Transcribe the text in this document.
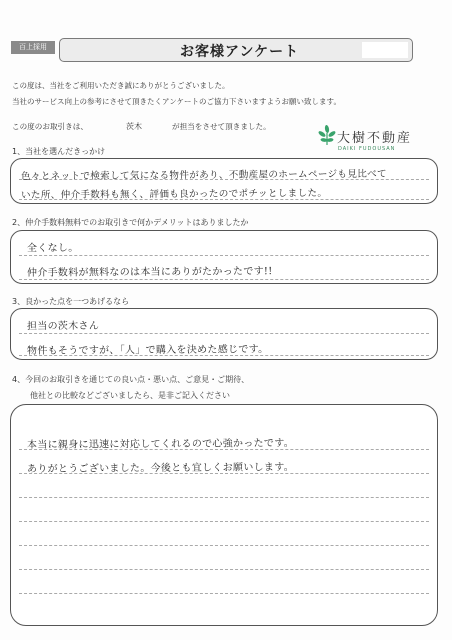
百上採用	お客様アンケート
この度は、当社をご利用いただき誠にありがとうございました。
当社のサービス向上の参考にさせて頂きたくアンケートのご協力下さいますようお願い致します。
この度のお取引きは、	茨木	が担当をさせて頂きました。
大樹不動産
DAIKI FUDOUSAN
1、当社を選んだきっかけ
色々とネットで検索して気になる物件があり、不動産屋のホームページも見比べて
いた所、仲介手数料も無く、評価も良かったのでポチッとしました。
2、仲介手数料無料でのお取引きで何かデメリットはありましたか
全くなし。
仲介手数料が無料なのは本当にありがたかったです!!
3、良かった点を一つあげるなら
担当の茨木さん
物件もそうですが、「人」で購入を決めた感じです。
4、今回のお取引きを通じての良い点・悪い点、ご意見・ご期待、
他社との比較などございましたら、是非ご記入ください
本当に親身に迅速に対応してくれるので心強かったです。
ありがとうございました。今後とも宜しくお願いします。
